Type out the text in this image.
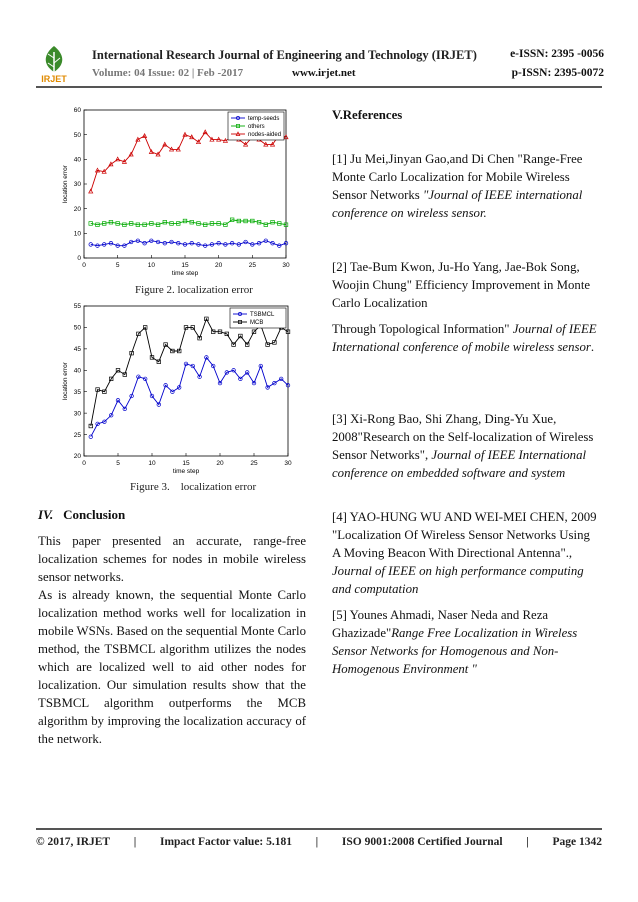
IRJET
International Research Journal of Engineering and Technology (IRJET)	e-ISSN: 2395 -0056
Volume: 04 Issue: 02 | Feb -2017	www.irjet.net	p-ISSN: 2395-0072
0	5	10	15	20	25	30
0
10
20
30
40
50
60
time step
location error
temp-seeds
others
nodes-aided
Figure 2. localization error
0	5	10	15	20	25	30
20
25
30
35
40
45
50
55
time step
location error
TSBMCL
MCB
Figure 3.    localization error
IV. Conclusion
This paper presented an accurate, range-free localization schemes for nodes in mobile wireless sensor networks.
As is already known, the sequential Monte Carlo localization method works well for localization in mobile WSNs. Based on the sequential Monte Carlo method, the TSBMCL algorithm utilizes the nodes which are localized well to aid other nodes for localization. Our simulation results show that the TSBMCL algorithm outperforms the MCB algorithm by improving the localization accuracy of the network.
V.References
[1] Ju Mei,Jinyan Gao,and Di Chen "Range-Free Monte Carlo Localization for Mobile Wireless Sensor Networks "Journal of IEEE international conference on wireless sensor.
[2] Tae-Bum Kwon, Ju-Ho Yang, Jae-Bok Song, Woojin Chung" Efficiency Improvement in Monte Carlo Localization
Through Topological Information" Journal of IEEE International conference of mobile wireless sensor.
[3] Xi-Rong Bao, Shi Zhang, Ding-Yu Xue, 2008"Research on the Self-localization of Wireless Sensor Networks", Journal of IEEE International conference on embedded software and system
[4] YAO-HUNG WU AND WEI-MEI CHEN, 2009 "Localization Of Wireless Sensor Networks Using A Moving Beacon With Directional Antenna"., Journal of IEEE on high performance computing and computation
[5] Younes Ahmadi, Naser Neda and Reza Ghazizade"Range Free Localization in Wireless Sensor Networks for Homogenous and Non-Homogenous Environment "
© 2017, IRJET | Impact Factor value: 5.181 | ISO 9001:2008 Certified Journal | Page 1342
